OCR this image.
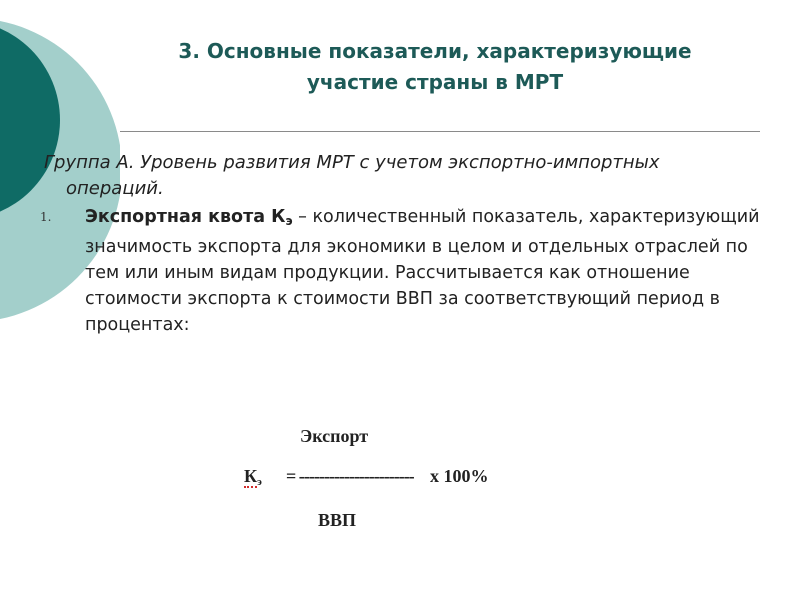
3. Основные показатели, характеризующие
участие страны в МРТ

Группа А. Уровень развития МРТ с учетом экспортно-импортных операций.

1. Экспортная квота $К_э$ – количественный показатель, характеризующий значимость экспорта для экономики в целом и отдельных отраслей по тем или иным видам продукции. Рассчитывается как отношение стоимости экспорта к стоимости ВВП за соответствующий период в процентах:
Экспорт
$К_э$ = ----------------------- х 100%
ВВП
